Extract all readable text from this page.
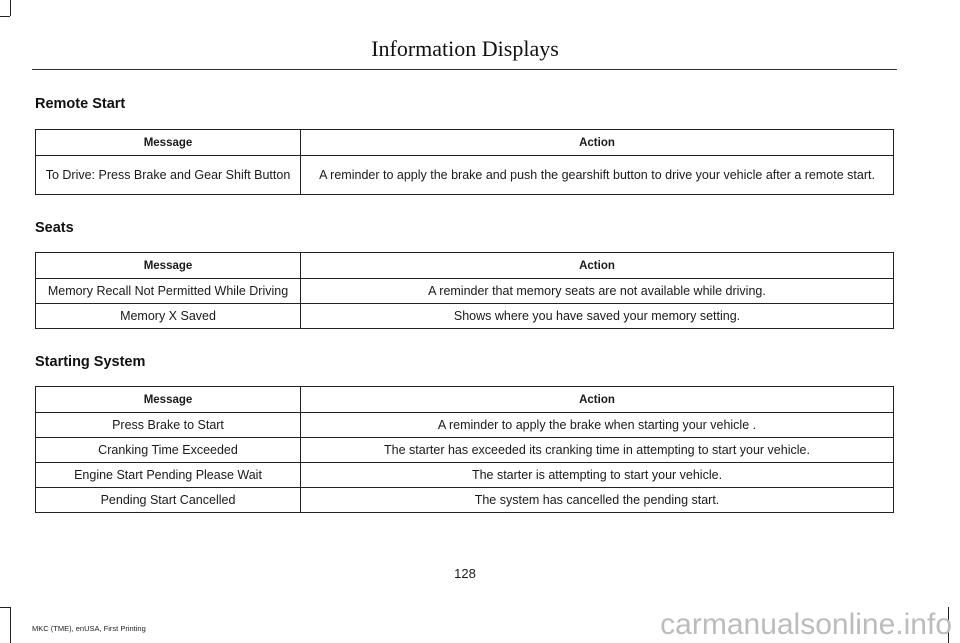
Information Displays
Remote Start
Message	Action
To Drive: Press Brake and Gear Shift Button	A reminder to apply the brake and push the gearshift button to drive your vehicle after a remote start.
Seats
Message	Action
Memory Recall Not Permitted While Driving	A reminder that memory seats are not available while driving.
Memory X Saved	Shows where you have saved your memory setting.
Starting System
Message	Action
Press Brake to Start	A reminder to apply the brake when starting your vehicle .
Cranking Time Exceeded	The starter has exceeded its cranking time in attempting to start your vehicle.
Engine Start Pending Please Wait	The starter is attempting to start your vehicle.
Pending Start Cancelled	The system has cancelled the pending start.
128
MKC (TME), enUSA, First Printing	carmanualsonline.info
